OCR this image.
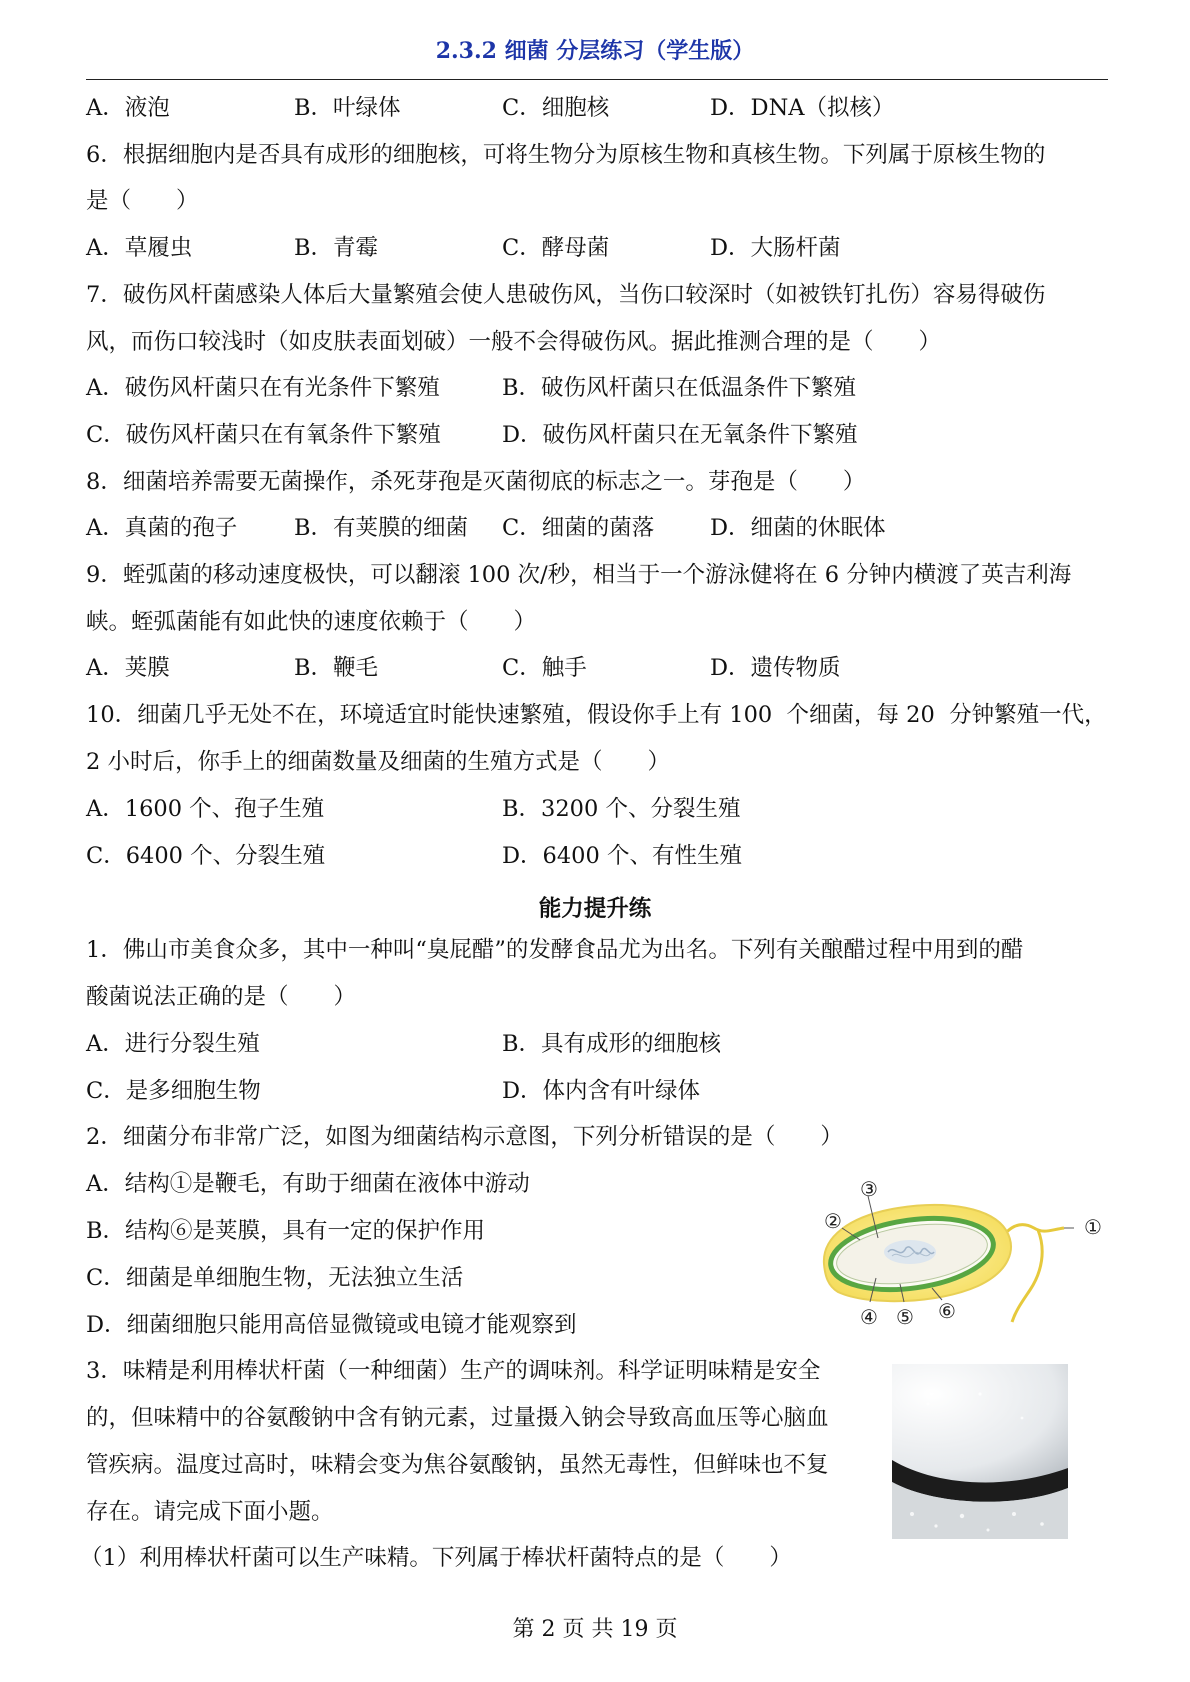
2.3.2 细菌 分层练习（学生版）
A．液泡	B．叶绿体	C．细胞核	D．DNA（拟核）
6．根据细胞内是否具有成形的细胞核，可将生物分为原核生物和真核生物。下列属于原核生物的
是（　　）
A．草履虫	B．青霉	C．酵母菌	D．大肠杆菌
7．破伤风杆菌感染人体后大量繁殖会使人患破伤风，当伤口较深时（如被铁钉扎伤）容易得破伤
风，而伤口较浅时（如皮肤表面划破）一般不会得破伤风。据此推测合理的是（　　）
A．破伤风杆菌只在有光条件下繁殖	B．破伤风杆菌只在低温条件下繁殖
C．破伤风杆菌只在有氧条件下繁殖	D．破伤风杆菌只在无氧条件下繁殖
8．细菌培养需要无菌操作，杀死芽孢是灭菌彻底的标志之一。芽孢是（　　）
A．真菌的孢子	B．有荚膜的细菌 C．细菌的菌落 D．细菌的休眠体
9．蛭弧菌的移动速度极快，可以翻滚 100 次/秒，相当于一个游泳健将在 6 分钟内横渡了英吉利海
峡。蛭弧菌能有如此快的速度依赖于（　　）
A．荚膜	B．鞭毛	C．触手	D．遗传物质
10．细菌几乎无处不在，环境适宜时能快速繁殖，假设你手上有 100  个细菌，每 20  分钟繁殖一代，
2 小时后，你手上的细菌数量及细菌的生殖方式是（　　）
A．1600 个、孢子生殖	B．3200 个、分裂生殖
C．6400 个、分裂生殖	D．6400 个、有性生殖
能力提升练
1．佛山市美食众多，其中一种叫“臭屁醋”的发酵食品尤为出名。下列有关酿醋过程中用到的醋
酸菌说法正确的是（　　）
A．进行分裂生殖	B．具有成形的细胞核
C．是多细胞生物	D．体内含有叶绿体
2．细菌分布非常广泛，如图为细菌结构示意图，下列分析错误的是（　　）
A．结构①是鞭毛，有助于细菌在液体中游动
B．结构⑥是荚膜，具有一定的保护作用
C．细菌是单细胞生物，无法独立生活
D．细菌细胞只能用高倍显微镜或电镜才能观察到
①
②
③
④ ⑤ ⑥
3．味精是利用棒状杆菌（一种细菌）生产的调味剂。科学证明味精是安全
的，但味精中的谷氨酸钠中含有钠元素，过量摄入钠会导致高血压等心脑血
管疾病。温度过高时，味精会变为焦谷氨酸钠，虽然无毒性，但鲜味也不复
存在。请完成下面小题。
（1）利用棒状杆菌可以生产味精。下列属于棒状杆菌特点的是（　　）
第 2 页 共 19 页
